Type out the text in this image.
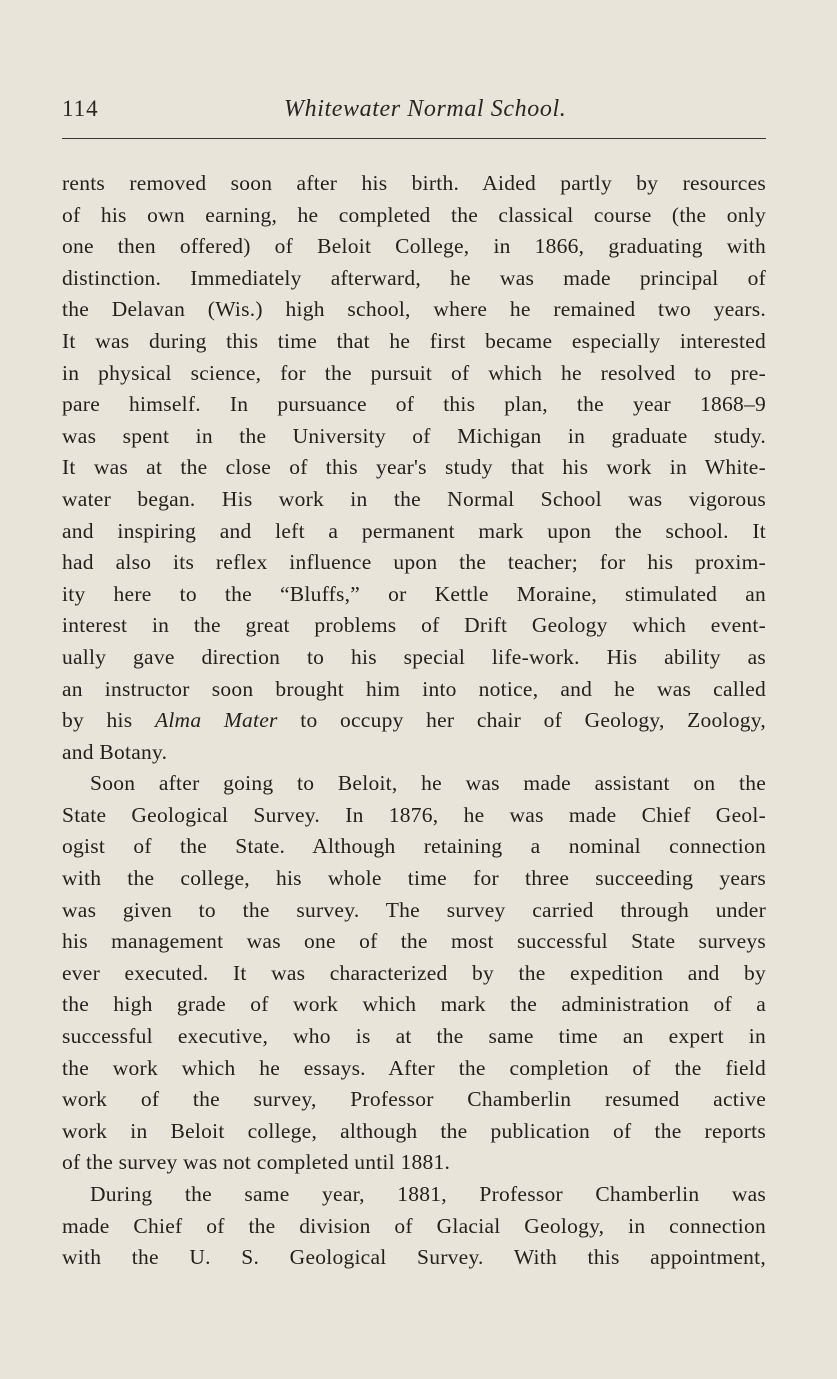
114	Whitewater Normal School.
rents removed soon after his birth. Aided partly by resources
of his own earning, he completed the classical course (the only
one then offered) of Beloit College, in 1866, graduating with
distinction. Immediately afterward, he was made principal of
the Delavan (Wis.) high school, where he remained two years.
It was during this time that he first became especially interested
in physical science, for the pursuit of which he resolved to pre-
pare himself. In pursuance of this plan, the year 1868–9
was spent in the University of Michigan in graduate study.
It was at the close of this year's study that his work in White-
water began. His work in the Normal School was vigorous
and inspiring and left a permanent mark upon the school. It
had also its reflex influence upon the teacher; for his proxim-
ity here to the “Bluffs,” or Kettle Moraine, stimulated an
interest in the great problems of Drift Geology which event-
ually gave direction to his special life-work. His ability as
an instructor soon brought him into notice, and he was called
by his Alma Mater to occupy her chair of Geology, Zoology,
and Botany.
Soon after going to Beloit, he was made assistant on the
State Geological Survey. In 1876, he was made Chief Geol-
ogist of the State. Although retaining a nominal connection
with the college, his whole time for three succeeding years
was given to the survey. The survey carried through under
his management was one of the most successful State surveys
ever executed. It was characterized by the expedition and by
the high grade of work which mark the administration of a
successful executive, who is at the same time an expert in
the work which he essays. After the completion of the field
work of the survey, Professor Chamberlin resumed active
work in Beloit college, although the publication of the reports
of the survey was not completed until 1881.
During the same year, 1881, Professor Chamberlin was
made Chief of the division of Glacial Geology, in connection
with the U. S. Geological Survey. With this appointment,
